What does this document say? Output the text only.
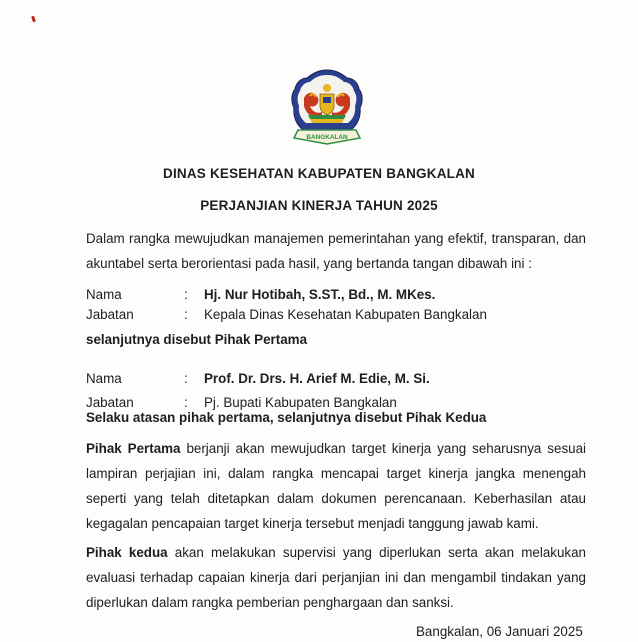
BANGKALAN
DINAS KESEHATAN KABUPATEN BANGKALAN
PERJANJIAN KINERJA TAHUN 2025
Dalam rangka mewujudkan manajemen pemerintahan yang efektif, transparan, dan akuntabel serta berorientasi pada hasil, yang bertanda tangan dibawah ini :
Nama	: Hj. Nur Hotibah, S.ST., Bd., M. MKes.
Jabatan	: Kepala Dinas Kesehatan Kabupaten Bangkalan
selanjutnya disebut Pihak Pertama
Nama	: Prof. Dr. Drs. H. Arief M. Edie, M. Si.
Jabatan	: Pj. Bupati Kabupaten Bangkalan
Selaku atasan pihak pertama, selanjutnya disebut Pihak Kedua
Pihak Pertama berjanji akan mewujudkan target kinerja yang seharusnya sesuai lampiran perjajian ini, dalam rangka mencapai target kinerja jangka menengah seperti yang telah ditetapkan dalam dokumen perencanaan. Keberhasilan atau kegagalan pencapaian target kinerja tersebut menjadi tanggung jawab kami.
Pihak kedua akan melakukan supervisi yang diperlukan serta akan melakukan evaluasi terhadap capaian kinerja dari perjanjian ini dan mengambil tindakan yang diperlukan dalam rangka pemberian penghargaan dan sanksi.
Bangkalan, 06 Januari 2025
